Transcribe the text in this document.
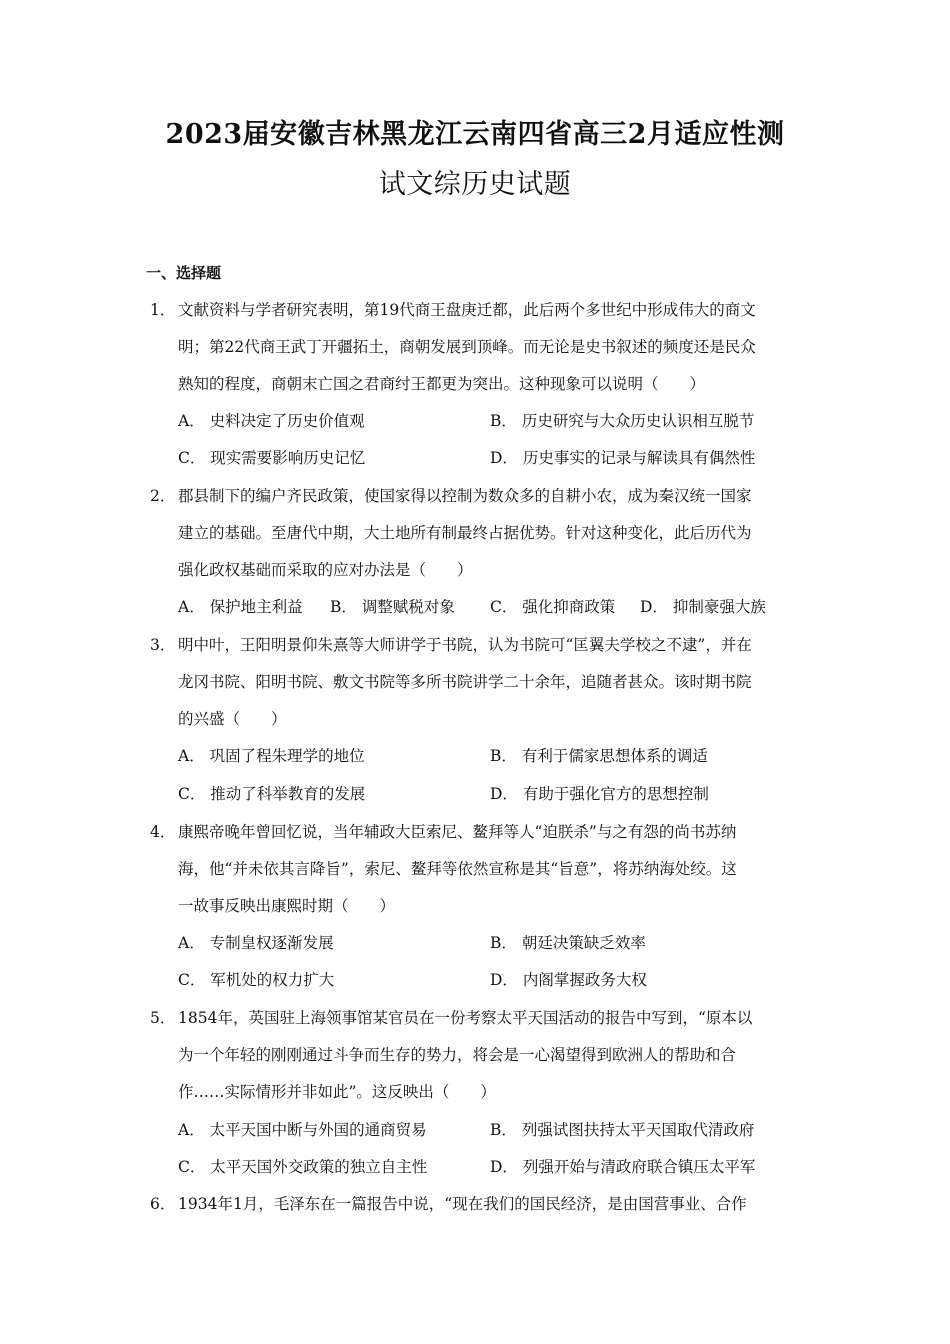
2023届安徽吉林黑龙江云南四省高三2月适应性测
试文综历史试题
一、选择题
1． 文献资料与学者研究表明，第19代商王盘庚迁都，此后两个多世纪中形成伟大的商文
明；第22代商王武丁开疆拓土，商朝发展到顶峰。而无论是史书叙述的频度还是民众
熟知的程度，商朝末亡国之君商纣王都更为突出。这种现象可以说明（　　）
A． 史料决定了历史价值观	B． 历史研究与大众历史认识相互脱节
C． 现实需要影响历史记忆	D． 历史事实的记录与解读具有偶然性
2． 郡县制下的编户齐民政策，使国家得以控制为数众多的自耕小农，成为秦汉统一国家
建立的基础。至唐代中期，大土地所有制最终占据优势。针对这种变化，此后历代为
强化政权基础而采取的应对办法是（　　）
A． 保护地主利益 B． 调整赋税对象 C． 强化抑商政策 D． 抑制豪强大族
3． 明中叶，王阳明景仰朱熹等大师讲学于书院，认为书院可“匡翼夫学校之不逮”，并在
龙冈书院、阳明书院、敷文书院等多所书院讲学二十余年，追随者甚众。该时期书院
的兴盛（　　）
A． 巩固了程朱理学的地位	B． 有利于儒家思想体系的调适
C． 推动了科举教育的发展	D． 有助于强化官方的思想控制
4． 康熙帝晚年曾回忆说，当年辅政大臣索尼、鳌拜等人“迫朕杀”与之有怨的尚书苏纳
海，他“并未依其言降旨”，索尼、鳌拜等依然宣称是其“旨意”，将苏纳海处绞。这
一故事反映出康熙时期（　　）
A． 专制皇权逐渐发展	B． 朝廷决策缺乏效率
C． 军机处的权力扩大	D． 内阁掌握政务大权
5． 1854年，英国驻上海领事馆某官员在一份考察太平天国活动的报告中写到，“原本以
为一个年轻的刚刚通过斗争而生存的势力，将会是一心渴望得到欧洲人的帮助和合
作……实际情形并非如此”。这反映出（　　）
A． 太平天国中断与外国的通商贸易	B． 列强试图扶持太平天国取代清政府
C． 太平天国外交政策的独立自主性	D． 列强开始与清政府联合镇压太平军
6． 1934年1月，毛泽东在一篇报告中说，“现在我们的国民经济，是由国营事业、合作
